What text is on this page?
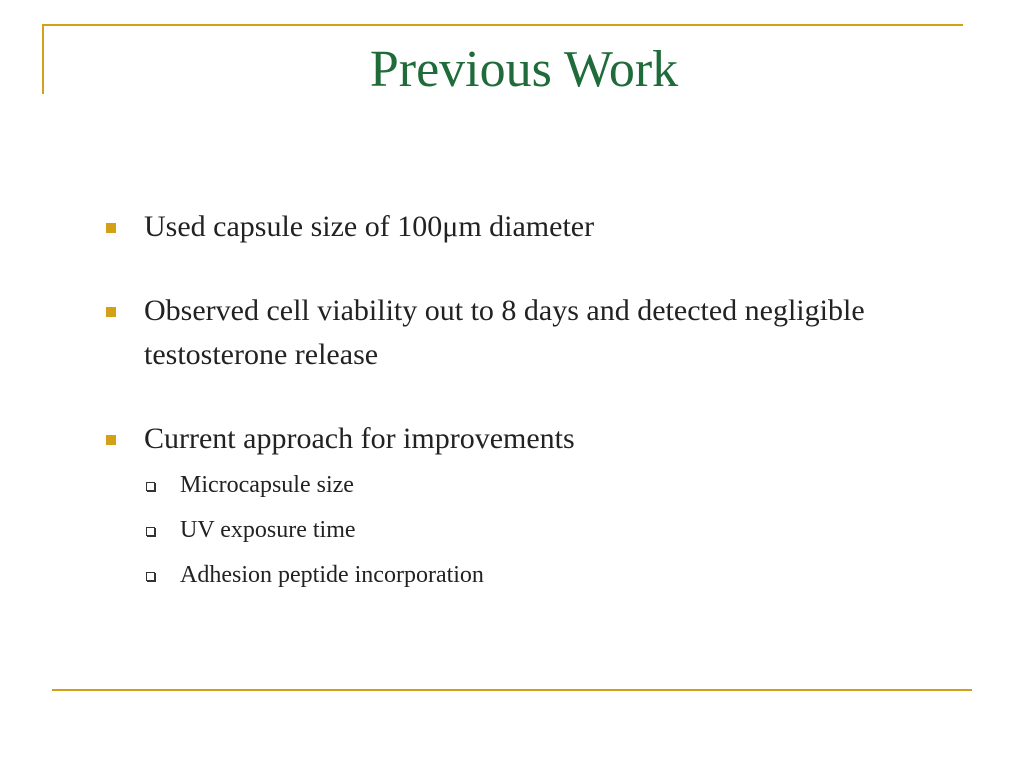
Previous Work
Used capsule size of 100μm diameter
Observed cell viability out to 8 days and detected negligible testosterone release
Current approach for improvements
Microcapsule size
UV exposure time
Adhesion peptide incorporation
